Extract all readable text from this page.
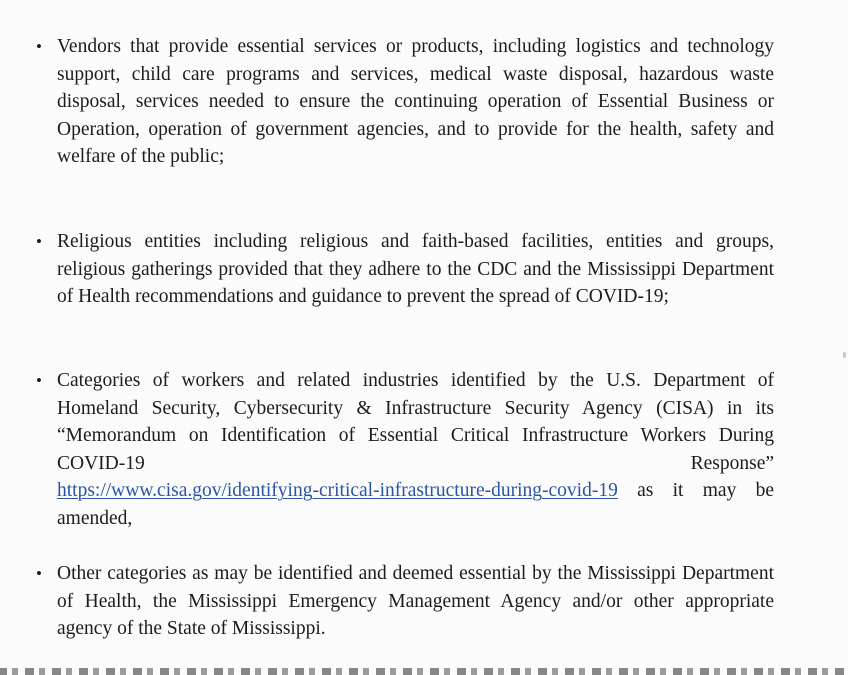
• Vendors that provide essential services or products, including logistics and technology support, child care programs and services, medical waste disposal, hazardous waste disposal, services needed to ensure the continuing operation of Essential Business or Operation, operation of government agencies, and to provide for the health, safety and welfare of the public;
• Religious entities including religious and faith-based facilities, entities and groups, religious gatherings provided that they adhere to the CDC and the Mississippi Department of Health recommendations and guidance to prevent the spread of COVID-19;
• Categories of workers and related industries identified by the U.S. Department of Homeland Security, Cybersecurity & Infrastructure Security Agency (CISA) in its “Memorandum on Identification of Essential Critical Infrastructure Workers During COVID-19 Response”
https://www.cisa.gov/identifying-critical-infrastructure-during-covid-19 as it may be amended,
• Other categories as may be identified and deemed essential by the Mississippi Department of Health, the Mississippi Emergency Management Agency and/or other appropriate agency of the State of Mississippi.
